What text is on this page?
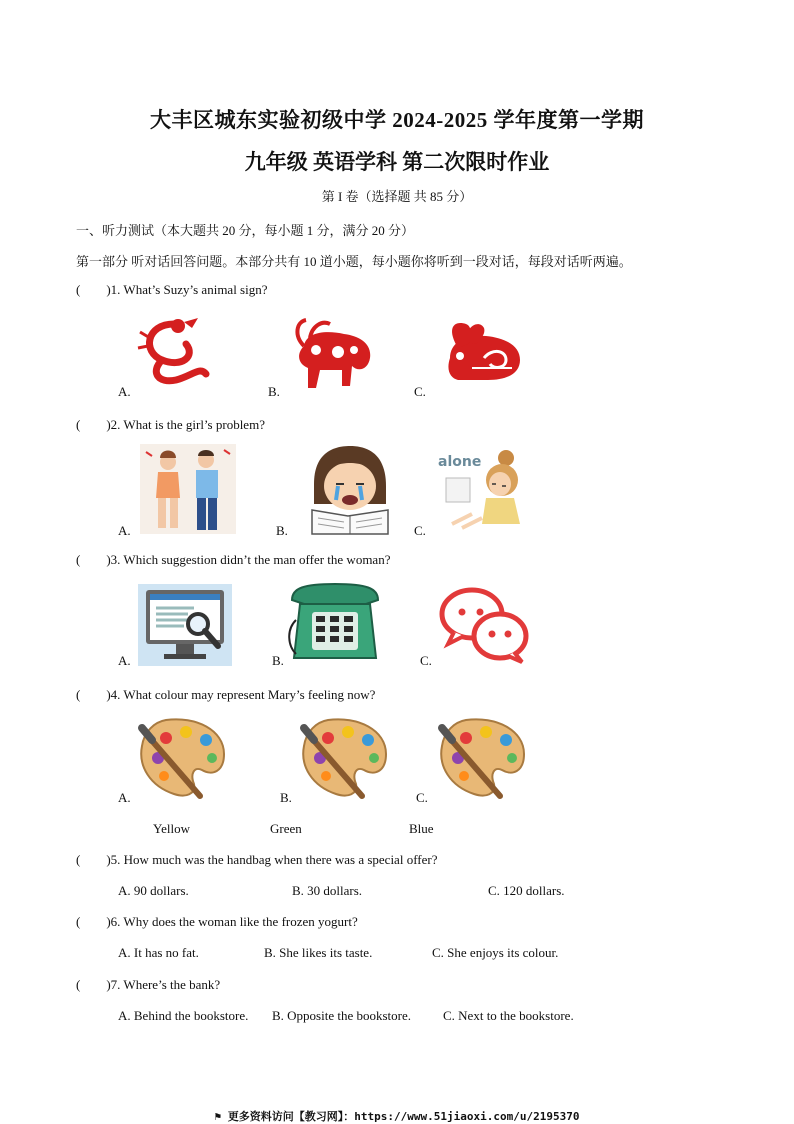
大丰区城东实验初级中学 2024-2025 学年度第一学期
九年级 英语学科 第二次限时作业
第 I 卷（选择题 共 85 分）
一、听力测试（本大题共 20 分，每小题 1 分，满分 20 分）
第一部分 听对话回答问题。本部分共有 10 道小题，每小题你将听到一段对话，每段对话听两遍。
(        )1. What’s Suzy’s animal sign?
A.	B.	C.
(        )2. What is the girl’s problem?
A.	B.
alone
C.
(        )3. Which suggestion didn’t the man offer the woman?
A.	B.	C.
(        )4. What colour may represent Mary’s feeling now?
A.	B.	C.
Yellow	Green	Blue
(        )5. How much was the handbag when there was a special offer?
A. 90 dollars.	B. 30 dollars.	C. 120 dollars.
(        )6. Why does the woman like the frozen yogurt?
A. It has no fat.	B. She likes its taste.	C. She enjoys its colour.
(        )7. Where’s the bank?
A. Behind the bookstore. B. Opposite the bookstore. C. Next to the bookstore.
⚑ 更多资料访问【教习网】：https://www.51jiaoxi.com/u/2195370
